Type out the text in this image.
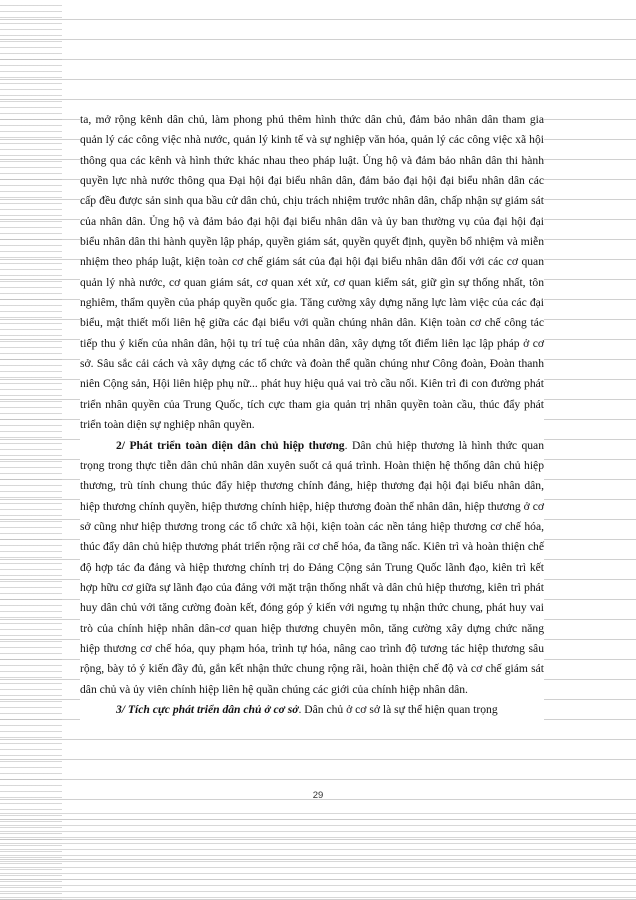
ta, mở rộng kênh dân chủ, làm phong phú thêm hình thức dân chủ, đảm bảo nhân dân tham gia quản lý các công việc nhà nước, quản lý kinh tế và sự nghiệp văn hóa, quản lý các công việc xã hội thông qua các kênh và hình thức khác nhau theo pháp luật. Ủng hộ và đảm bảo nhân dân thi hành quyền lực nhà nước thông qua Đại hội đại biểu nhân dân, đảm bảo đại hội đại biểu nhân dân các cấp đều được sản sinh qua bầu cử dân chủ, chịu trách nhiệm trước nhân dân, chấp nhận sự giám sát của nhân dân. Ủng hộ và đảm bảo đại hội đại biểu nhân dân và ủy ban thường vụ của đại hội đại biểu nhân dân thi hành quyền lập pháp, quyền giám sát, quyền quyết định, quyền bổ nhiệm và miễn nhiệm theo pháp luật, kiện toàn cơ chế giám sát của đại hội đại biểu nhân dân đối với các cơ quan quản lý nhà nước, cơ quan giám sát, cơ quan xét xử, cơ quan kiểm sát, giữ gìn sự thống nhất, tôn nghiêm, thẩm quyền của pháp quyền quốc gia. Tăng cường xây dựng năng lực làm việc của các đại biểu, mật thiết mối liên hệ giữa các đại biểu với quần chúng nhân dân. Kiện toàn cơ chế công tác tiếp thu ý kiến của nhân dân, hội tụ trí tuệ của nhân dân, xây dựng tốt điểm liên lạc lập pháp ở cơ sở. Sâu sắc cải cách và xây dựng các tổ chức và đoàn thể quần chúng như Công đoàn, Đoàn thanh niên Cộng sản, Hội liên hiệp phụ nữ... phát huy hiệu quả vai trò cầu nối. Kiên trì đi con đường phát triển nhân quyền của Trung Quốc, tích cực tham gia quản trị nhân quyền toàn cầu, thúc đẩy phát triển toàn diện sự nghiệp nhân quyền.

2/ Phát triển toàn diện dân chủ hiệp thương. Dân chủ hiệp thương là hình thức quan trọng trong thực tiễn dân chủ nhân dân xuyên suốt cả quá trình. Hoàn thiện hệ thống dân chủ hiệp thương, trù tính chung thúc đẩy hiệp thương chính đảng, hiệp thương đại hội đại biểu nhân dân, hiệp thương chính quyền, hiệp thương chính hiệp, hiệp thương đoàn thể nhân dân, hiệp thương ở cơ sở cũng như hiệp thương trong các tổ chức xã hội, kiện toàn các nền tảng hiệp thương cơ chế hóa, thúc đẩy dân chủ hiệp thương phát triển rộng rãi cơ chế hóa, đa tầng nấc. Kiên trì và hoàn thiện chế độ hợp tác đa đảng và hiệp thương chính trị do Đảng Cộng sản Trung Quốc lãnh đạo, kiên trì kết hợp hữu cơ giữa sự lãnh đạo của đảng với mặt trận thống nhất và dân chủ hiệp thương, kiên trì phát huy dân chủ với tăng cường đoàn kết, đóng góp ý kiến với ngưng tụ nhận thức chung, phát huy vai trò của chính hiệp nhân dân-cơ quan hiệp thương chuyên môn, tăng cường xây dựng chức năng hiệp thương cơ chế hóa, quy phạm hóa, trình tự hóa, nâng cao trình độ tương tác hiệp thương sâu rộng, bày tỏ ý kiến đầy đủ, gắn kết nhận thức chung rộng rãi, hoàn thiện chế độ và cơ chế giám sát dân chủ và ủy viên chính hiệp liên hệ quần chúng các giới của chính hiệp nhân dân.

3/ Tích cực phát triển dân chủ ở cơ sở. Dân chủ ở cơ sở là sự thể hiện quan trọng

29
